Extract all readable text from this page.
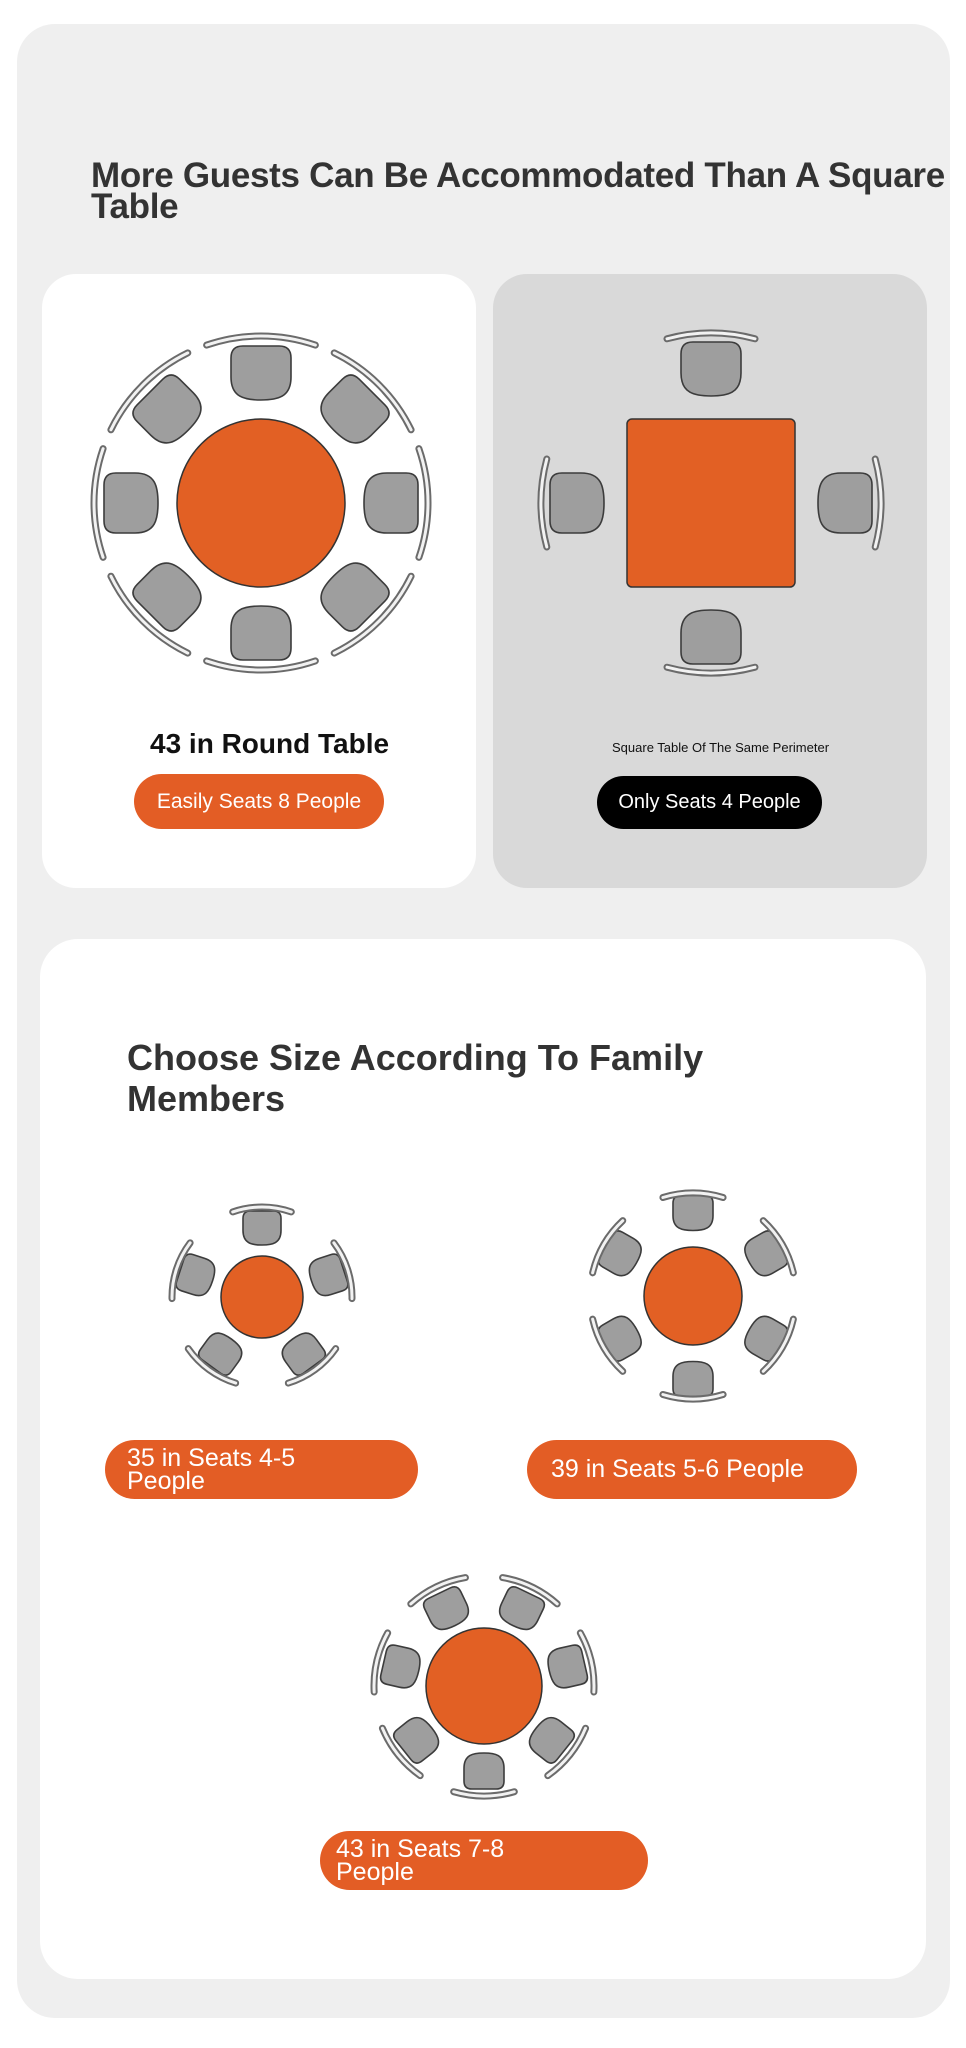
More Guests Can Be Accommodated Than A Square Table

43 in Round Table

Easily Seats 8 People
Square Table Of The Same Perimeter
Only Seats 4 People
Choose Size According To Family Members
35 in Seats 4-5 People	39 in Seats 5-6 People
43 in Seats 7-8 People
